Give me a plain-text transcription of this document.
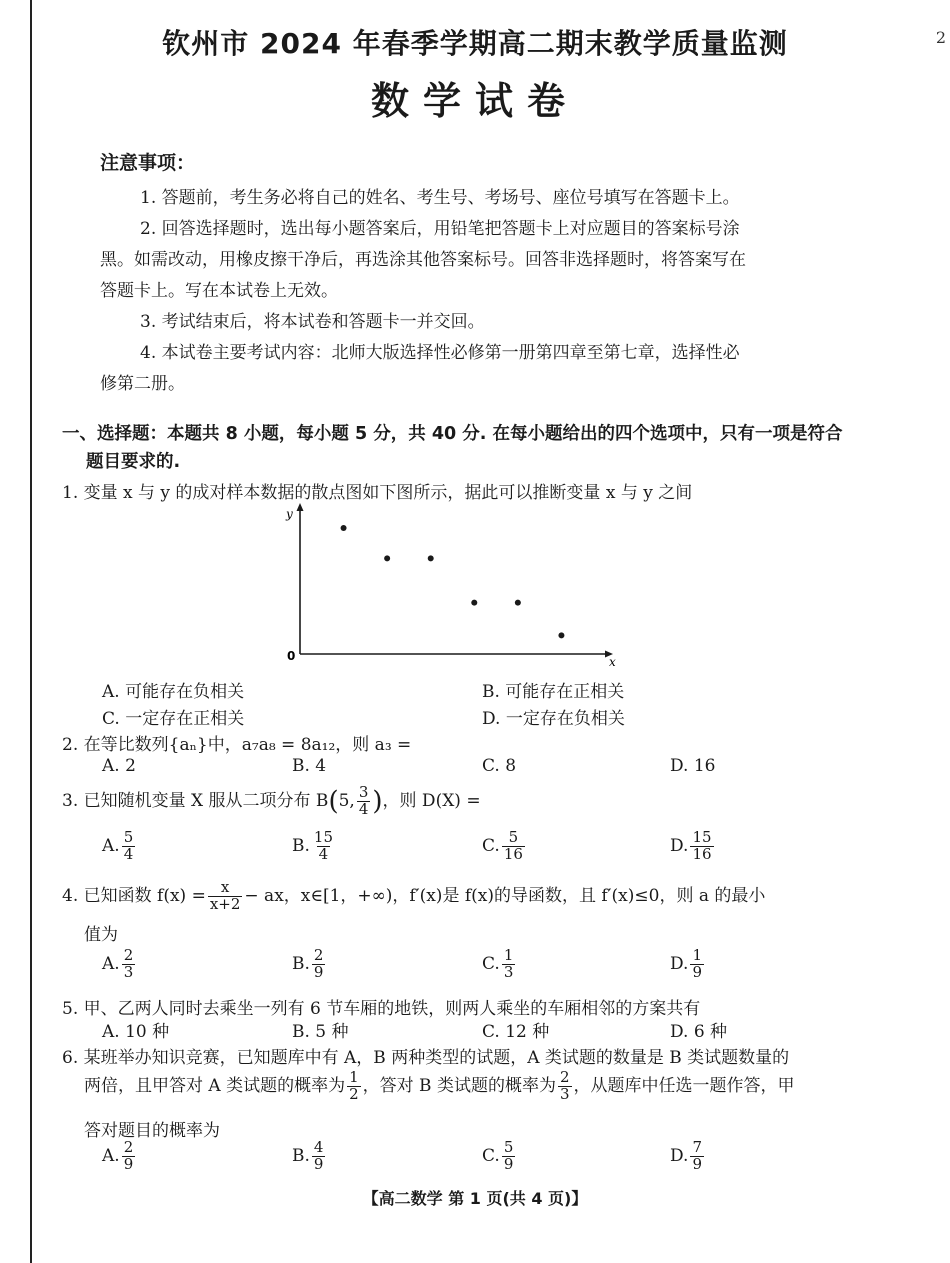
2
钦州市 2024 年春季学期高二期末教学质量监测
数学试卷
注意事项：
1. 答题前，考生务必将自己的姓名、考生号、考场号、座位号填写在答题卡上。
2. 回答选择题时，选出每小题答案后，用铅笔把答题卡上对应题目的答案标号涂
黑。如需改动，用橡皮擦干净后，再选涂其他答案标号。回答非选择题时，将答案写在
答题卡上。写在本试卷上无效。
3. 考试结束后，将本试卷和答题卡一并交回。
4. 本试卷主要考试内容：北师大版选择性必修第一册第四章至第七章，选择性必
修第二册。
一、选择题：本题共 8 小题，每小题 5 分，共 40 分. 在每小题给出的四个选项中，只有一项是符合
题目要求的.
1. 变量 x 与 y 的成对样本数据的散点图如下图所示，据此可以推断变量 x 与 y 之间
x
y
0
A. 可能存在负相关	B. 可能存在正相关
C. 一定存在正相关	D. 一定存在负相关
2. 在等比数列{aₙ}中，a₇a₈ = 8a₁₂，则 a₃ =
A. 2	B. 4	C. 8	D. 16
3. 已知随机变量 X 服从二项分布 B(5, $\frac{3}{4}$ )，则 D(X) =
A. $\frac{5}{4}$	B. $\frac{15}{4}$	C. $\frac{5}{16}$	D. $\frac{15}{16}$
4. 已知函数 $f(x) = \frac{x}{x+2}$ − ax，x∈[1，+∞)，f′(x)是 f(x)的导函数，且 f′(x)≤0，则 a 的最小
值为
A. $\frac{2}{3}$	B. $\frac{2}{9}$	C. $\frac{1}{3}$	D. $\frac{1}{9}$
5. 甲、乙两人同时去乘坐一列有 6 节车厢的地铁，则两人乘坐的车厢相邻的方案共有
A. 10 种	B. 5 种	C. 12 种	D. 6 种
6. 某班举办知识竞赛，已知题库中有 A，B 两种类型的试题，A 类试题的数量是 B 类试题数量的
两倍，且甲答对 A 类试题的概率为 $\frac{1}{2}$ ，答对 B 类试题的概率为 $\frac{2}{3}$ ，从题库中任选一题作答，甲
答对题目的概率为
A. $\frac{2}{9}$	B. $\frac{4}{9}$	C. $\frac{5}{9}$	D. $\frac{7}{9}$
【高二数学 第 1 页(共 4 页)】
